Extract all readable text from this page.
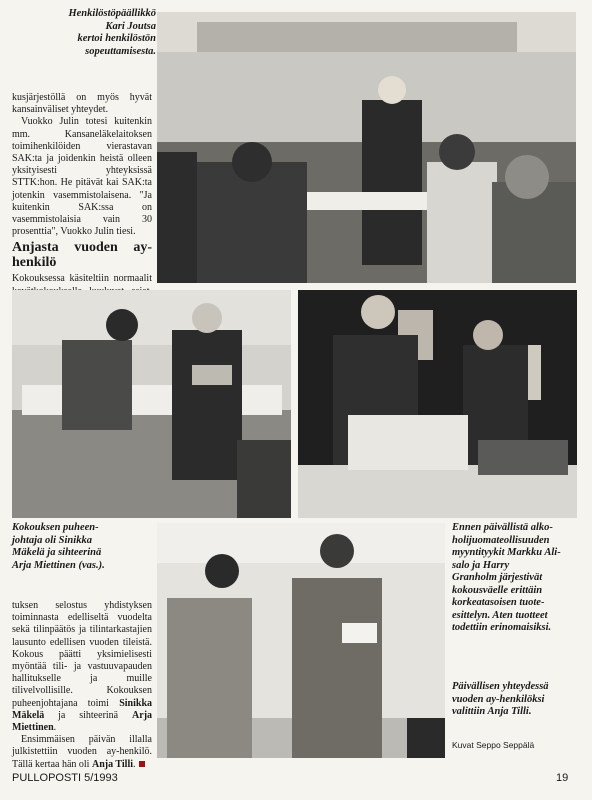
Henkilöstöpäällikkö
Kari Joutsa
kertoi henkilöstön
sopeuttamisesta.

kusjärjestöllä on myös hyvät kansainväliset yhteydet.

Vuokko Julin totesi kuitenkin mm. Kansaneläkelaitoksen toimihenkilöiden vierastavan SAK:ta ja joidenkin heistä olleen yksityisesti yhteyksissä STTK:hon. He pitävät kai SAK:ta jotenkin vasemmistolaisena. "Ja kuitenkin SAK:ssa on vasemmistolaisia vain 30 prosenttia", Vuokko Julin tiesi.

Anjasta vuoden ay-henkilö

Kokouksessa käsiteltiin normaalit

Kokouksen puheen-
johtaja oli Sinikka
Mäkelä ja sihteerinä
Arja Miettinen (vas.).
Ennen päivällistä alko-
holijuomateollisuuden
myyntityykit Markku Ali-
salo ja Harry
Granholm järjestivät
kokousväelle erittäin
korkeatasoisen tuote-
esittelyn. Aten tuotteet
todettiin erinomaisiksi.

tuksen selostus yhdistyksen toiminnasta edelliseltä vuodelta sekä tilinpäätös ja tilintarkastajien lausunto edellisen vuoden tileistä. Kokous päätti yksimielisesti myöntää tili- ja vastuuvapauden hallitukselle ja muille tilivelvollisille. Kokouksen puheenjohtajana toimi Sinikka Mäkelä ja sihteerinä Arja Miettinen.

Ensimmäisen päivän illalla julkistettiin vuoden ay-henkilö. Tällä kertaa hän oli Anja Tilli.

Päivällisen yhteydessä
vuoden ay-henkilöksi
valittiin Anja Tilli.
Kuvat Seppo Seppälä
PULLOPOSTI 5/1993	19
